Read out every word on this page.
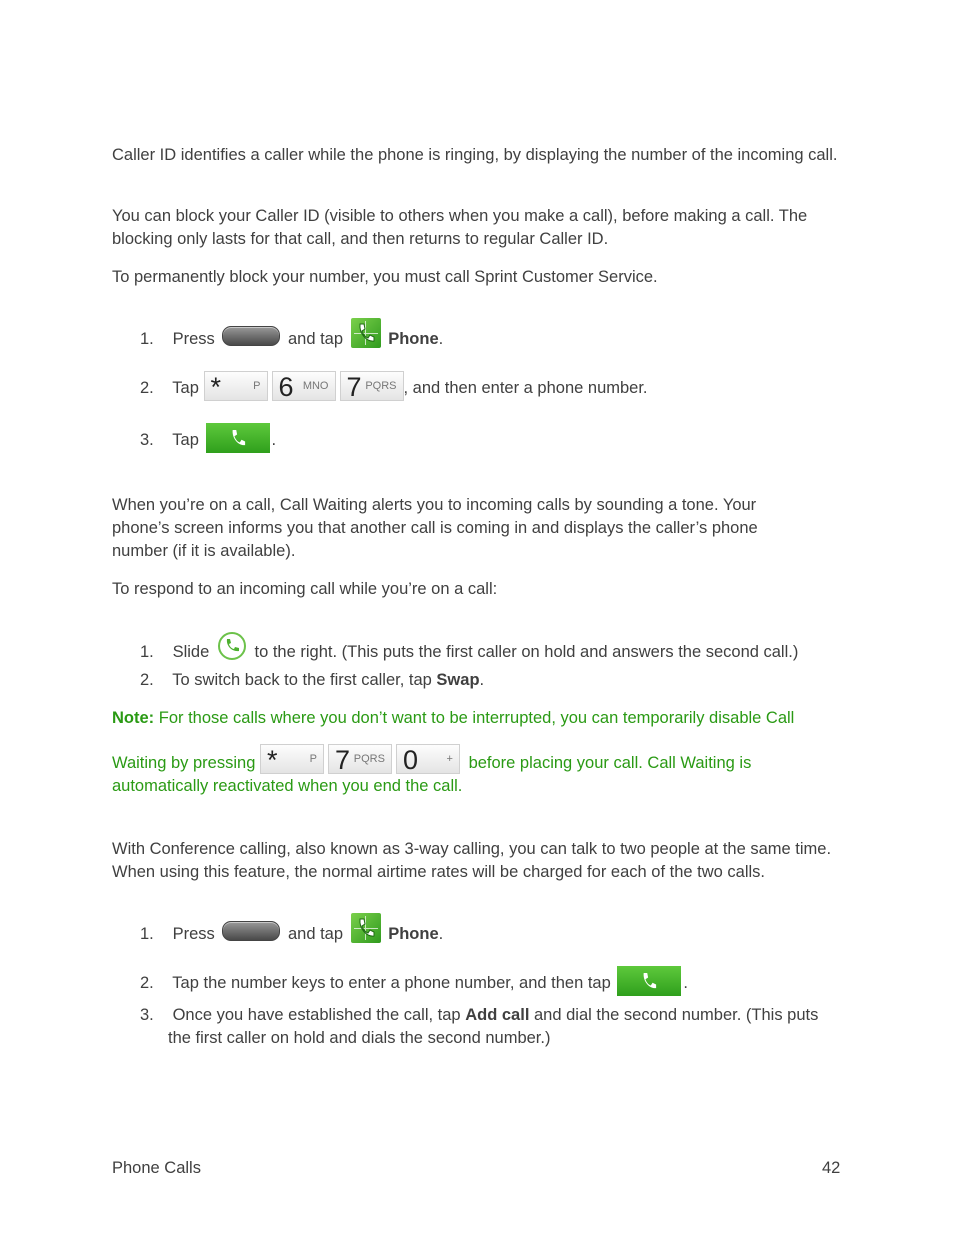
Caller ID identifies a caller while the phone is ringing, by displaying the number of the incoming call.

You can block your Caller ID (visible to others when you make a call), before making a call. The blocking only lasts for that call, and then returns to regular Caller ID.

To permanently block your number, you must call Sprint Customer Service.

1. Press	and tap	Phone.
2. Tap *	P 6 MNO 7 PQRS , and then enter a phone number.
3. Tap	.

When you’re on a call, Call Waiting alerts you to incoming calls by sounding a tone. Your phone’s screen informs you that another call is coming in and displays the caller’s phone number (if it is available).

To respond to an incoming call while you’re on a call:

1. Slide	to the right. (This puts the first caller on hold and answers the second call.)
2. To switch back to the first caller, tap Swap.
Note: For those calls where you don’t want to be interrupted, you can temporarily disable Call
Waiting by pressing *	P 7 PQRS 0	+ before placing your call. Call Waiting is
automatically reactivated when you end the call.

With Conference calling, also known as 3-way calling, you can talk to two people at the same time. When using this feature, the normal airtime rates will be charged for each of the two calls.

1. Press	and tap	Phone.
2. Tap the number keys to enter a phone number, and then tap	.
3. Once you have established the call, tap Add call and dial the second number. (This puts
the first caller on hold and dials the second number.)
Phone Calls	42
